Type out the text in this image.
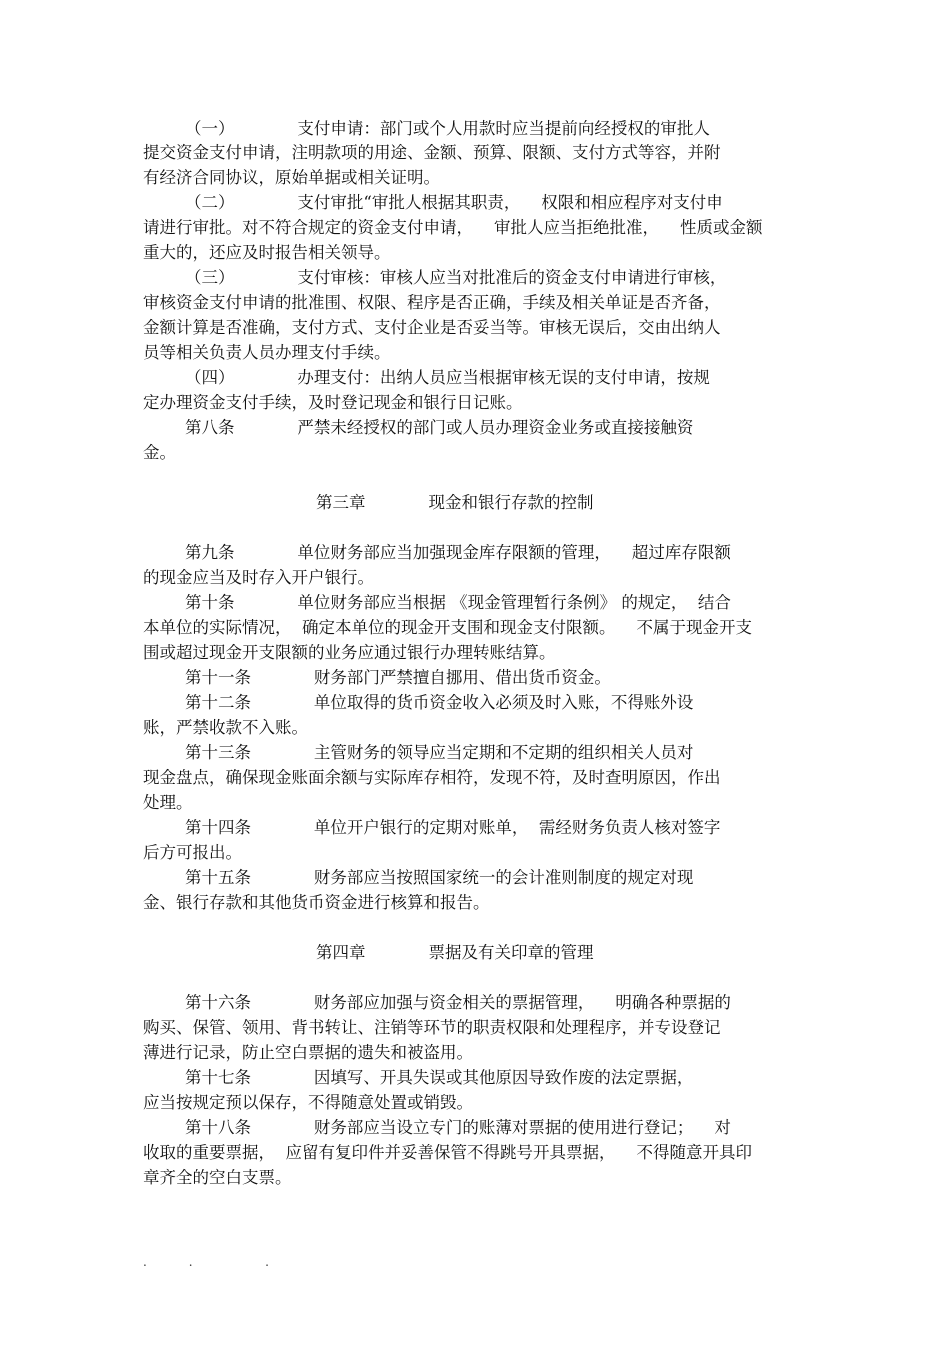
（一）            支付申请：部门或个人用款时应当提前向经授权的审批人
提交资金支付申请，注明款项的用途、金额、预算、限额、支付方式等容，并附
有经济合同协议，原始单据或相关证明。
（二）            支付审批“审批人根据其职责，    权限和相应程序对支付申
请进行审批。对不符合规定的资金支付申请，    审批人应当拒绝批准，    性质或金额
重大的，还应及时报告相关领导。
（三）            支付审核：审核人应当对批准后的资金支付申请进行审核，
审核资金支付申请的批准围、权限、程序是否正确，手续及相关单证是否齐备，
金额计算是否准确，支付方式、支付企业是否妥当等。审核无误后，交由出纳人
员等相关负责人员办理支付手续。
（四）            办理支付：出纳人员应当根据审核无误的支付申请，按规
定办理资金支付手续，及时登记现金和银行日记账。
第八条            严禁未经授权的部门或人员办理资金业务或直接接触资
金。
第九条            单位财务部应当加强现金库存限额的管理，    超过库存限额
的现金应当及时存入开户银行。
第十条            单位财务部应当根据 《现金管理暂行条例》 的规定，  结合
本单位的实际情况，  确定本单位的现金开支围和现金支付限额。    不属于现金开支
围或超过现金开支限额的业务应通过银行办理转账结算。
第十一条            财务部门严禁擅自挪用、借出货币资金。
第十二条            单位取得的货币资金收入必须及时入账，不得账外设
账，严禁收款不入账。
第十三条            主管财务的领导应当定期和不定期的组织相关人员对
现金盘点，确保现金账面余额与实际库存相符，发现不符，及时查明原因，作出
处理。
第十四条            单位开户银行的定期对账单，  需经财务负责人核对签字
后方可报出。
第十五条            财务部应当按照国家统一的会计准则制度的规定对现
金、银行存款和其他货币资金进行核算和报告。
第十六条            财务部应加强与资金相关的票据管理，    明确各种票据的
购买、保管、领用、背书转让、注销等环节的职责权限和处理程序，并专设登记
薄进行记录，防止空白票据的遗失和被盗用。
第十七条            因填写、开具失误或其他原因导致作废的法定票据，
应当按规定预以保存，不得随意处置或销毁。
第十八条            财务部应当设立专门的账薄对票据的使用进行登记；    对
收取的重要票据，  应留有复印件并妥善保管不得跳号开具票据，    不得随意开具印
章齐全的空白支票。
第三章            现金和银行存款的控制
第四章            票据及有关印章的管理
.           .                   .
